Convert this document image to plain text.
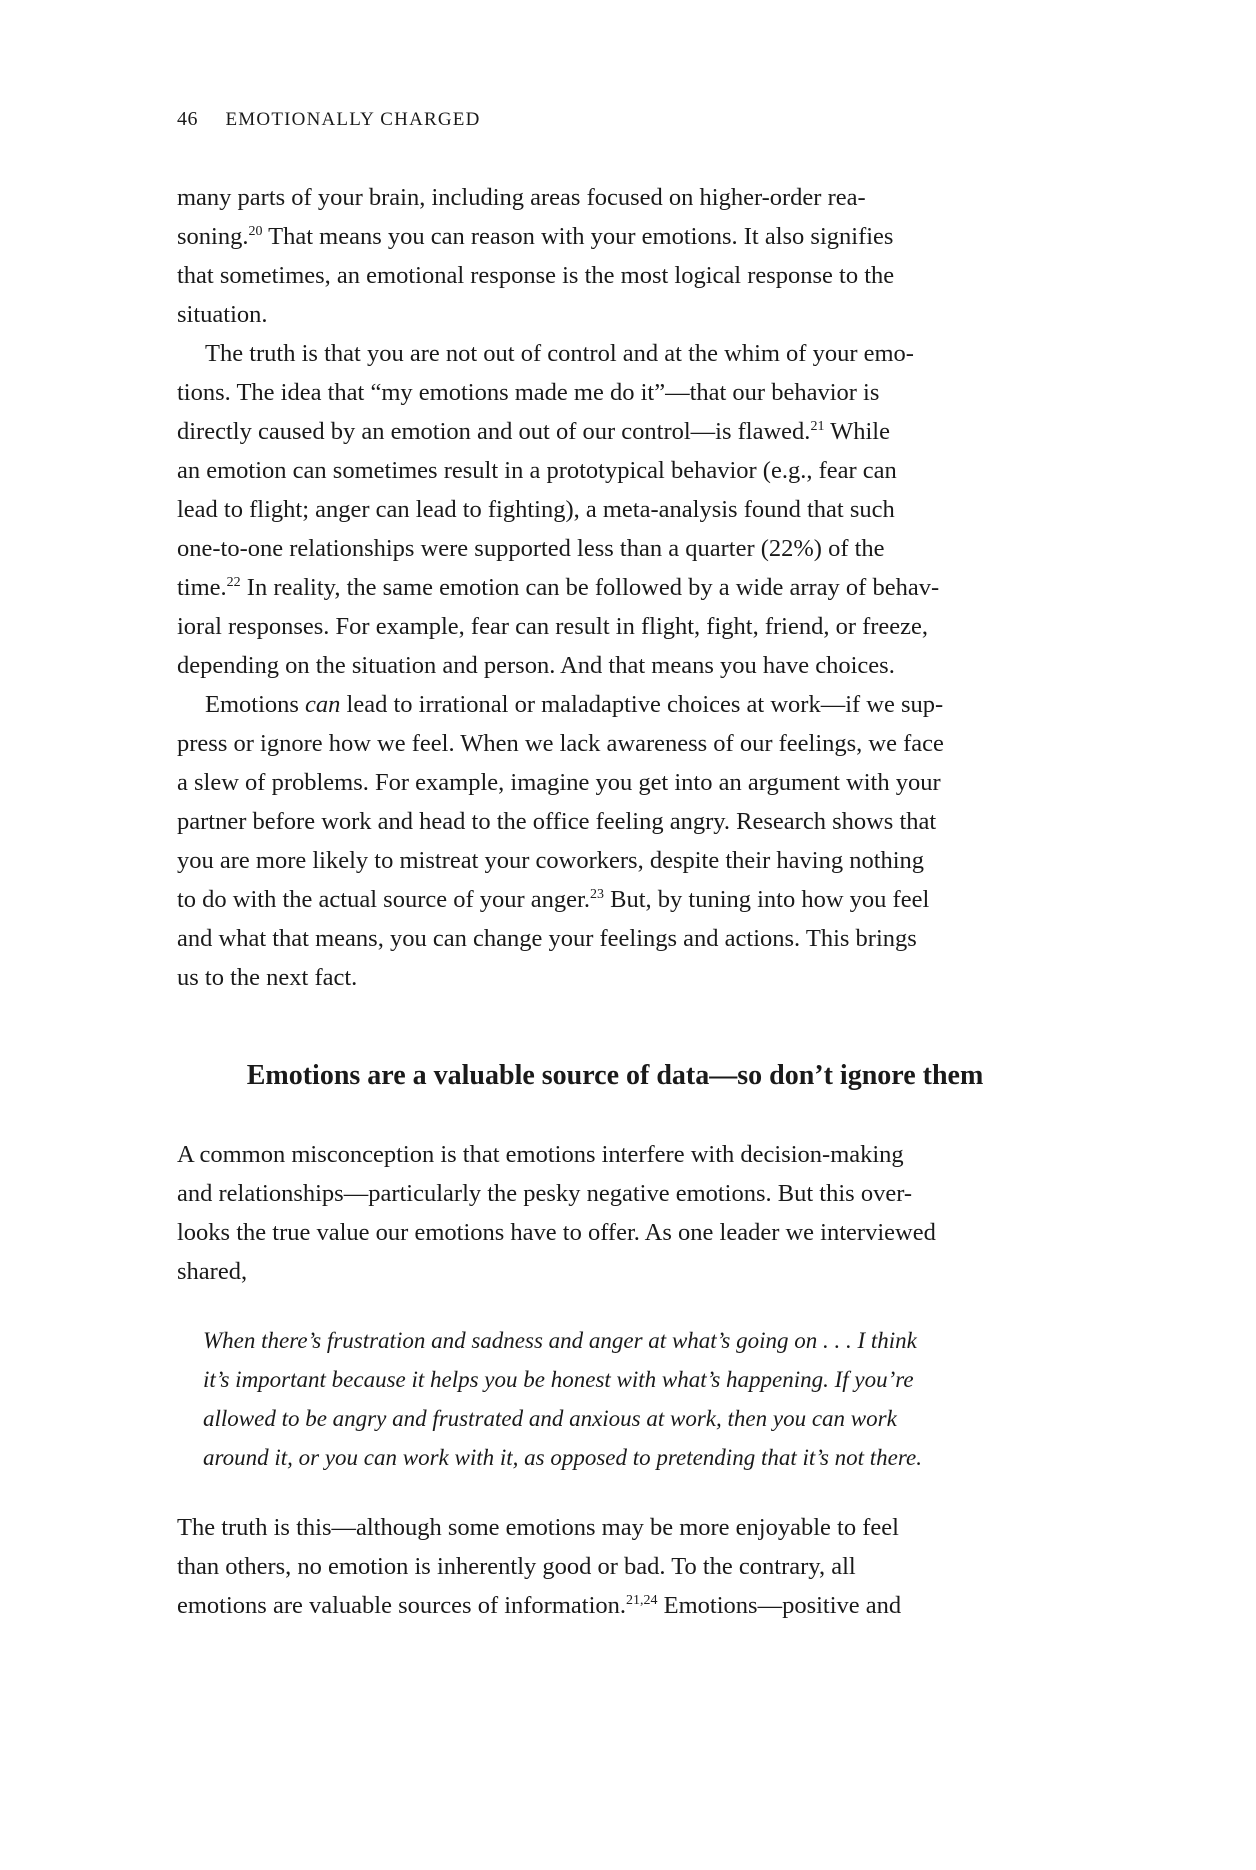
46 EMOTIONALLY CHARGED
many parts of your brain, including areas focused on higher-order rea-
soning.$^{20}$ That means you can reason with your emotions. It also signifies
that sometimes, an emotional response is the most logical response to the
situation.
The truth is that you are not out of control and at the whim of your emo-
tions. The idea that “my emotions made me do it”—that our behavior is
directly caused by an emotion and out of our control—is flawed.$^{21}$ While
an emotion can sometimes result in a prototypical behavior (e.g., fear can
lead to flight; anger can lead to fighting), a meta-analysis found that such
one-to-one relationships were supported less than a quarter (22%) of the
time.$^{22}$ In reality, the same emotion can be followed by a wide array of behav-
ioral responses. For example, fear can result in flight, fight, friend, or freeze,
depending on the situation and person. And that means you have choices.
Emotions can lead to irrational or maladaptive choices at work—if we sup-
press or ignore how we feel. When we lack awareness of our feelings, we face
a slew of problems. For example, imagine you get into an argument with your
partner before work and head to the office feeling angry. Research shows that
you are more likely to mistreat your coworkers, despite their having nothing
to do with the actual source of your anger.$^{23}$ But, by tuning into how you feel
and what that means, you can change your feelings and actions. This brings
us to the next fact.
Emotions are a valuable source of data—so don’t ignore them
A common misconception is that emotions interfere with decision-making
and relationships—particularly the pesky negative emotions. But this over-
looks the true value our emotions have to offer. As one leader we interviewed
shared,
When there’s frustration and sadness and anger at what’s going on . . . I think
it’s important because it helps you be honest with what’s happening. If you’re
allowed to be angry and frustrated and anxious at work, then you can work
around it, or you can work with it, as opposed to pretending that it’s not there.
The truth is this—although some emotions may be more enjoyable to feel
than others, no emotion is inherently good or bad. To the contrary, all
emotions are valuable sources of information.$^{21,24}$ Emotions—positive and
